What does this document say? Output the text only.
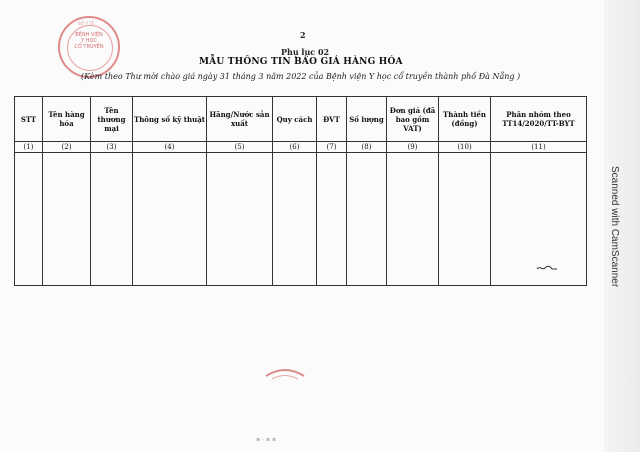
SỞ Y TẾ
BỆNH VIỆN
Y HỌC
CỔ TRUYỀN
2
Phụ lục 02
MẪU THÔNG TIN BÁO GIÁ HÀNG HÓA
(Kèm theo Thư mời chào giá ngày 31 tháng 3 năm 2022 của Bệnh viện Y học cổ truyền thành phố Đà Nẵng )
STT	Tên hàng hóa	Tên thương mại	Thông số kỹ thuật	Hãng/Nước sản xuất	Quy cách	ĐVT	Số lượng	Đơn giá (đã bao gồm VAT)	Thành tiền (đồng)	Phân nhóm theo TT14/2020/TT-BYT
(1)	(2)	(3)	(4)	(5)	(6)	(7)	(8)	(9)	(10)	(11)

▪ ‐ ▪ ▪
Scanned with CamScanner
